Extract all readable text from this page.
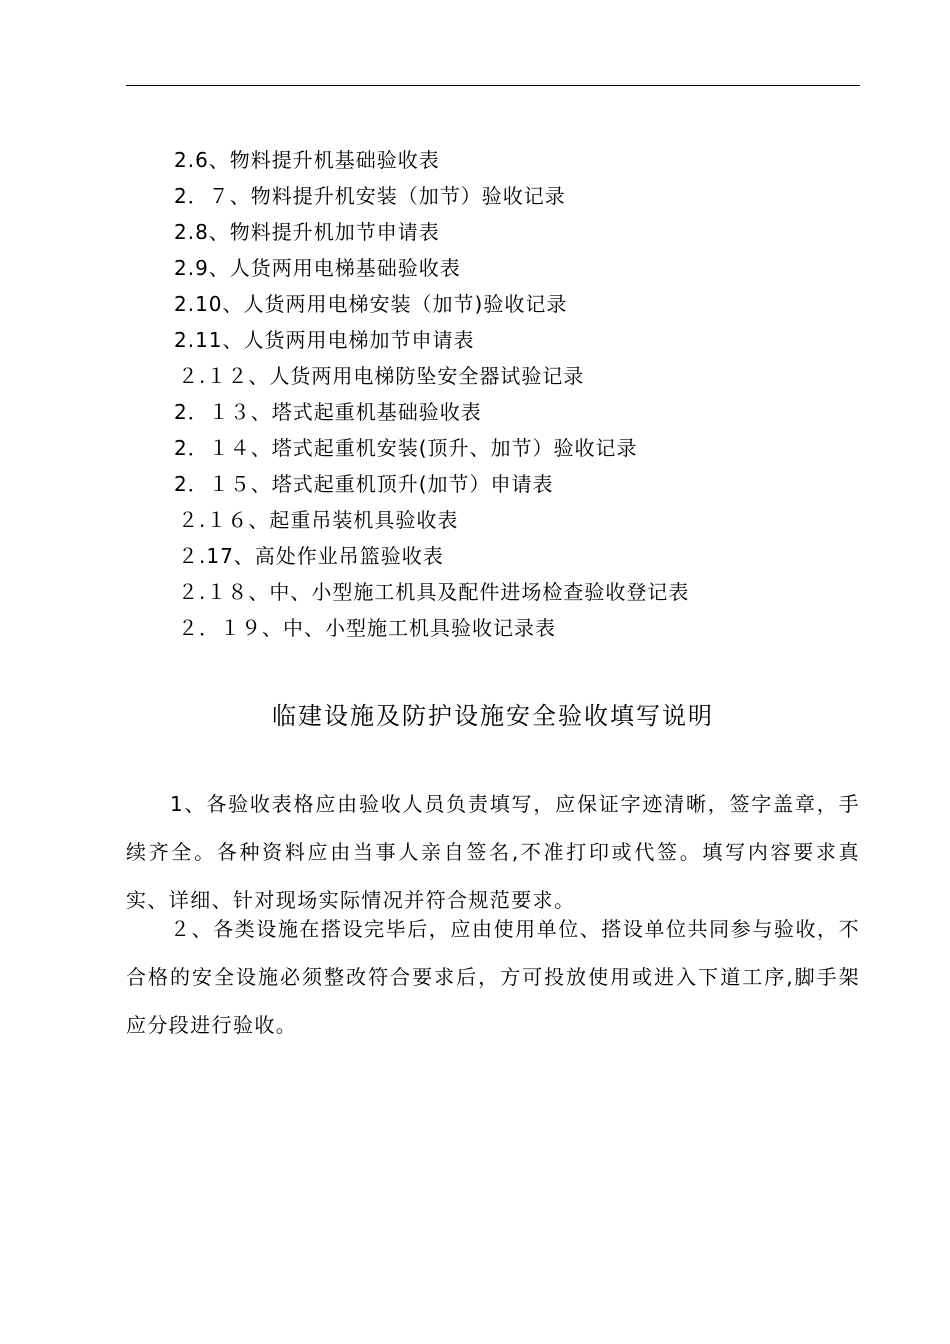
2.6、物料提升机基础验收表
2．７、物料提升机安装（加节）验收记录
2.8、物料提升机加节申请表
2.9、人货两用电梯基础验收表
2.10、人货两用电梯安装（加节)验收记录
2.11、人货两用电梯加节申请表
２.１２、人货两用电梯防坠安全器试验记录
2．１３、塔式起重机基础验收表
2．１４、塔式起重机安装(顶升、加节）验收记录
2．１５、塔式起重机顶升(加节）申请表
２.１６、起重吊装机具验收表
２.17、高处作业吊篮验收表
２.１８、中、小型施工机具及配件进场检查验收登记表
２．１９、中、小型施工机具验收记录表
临建设施及防护设施安全验收填写说明

1、各验收表格应由验收人员负责填写，应保证字迹清晰，签字盖章，手续齐全。各种资料应由当事人亲自签名,不准打印或代签。填写内容要求真实、详细、针对现场实际情况并符合规范要求。

２、各类设施在搭设完毕后，应由使用单位、搭设单位共同参与验收，不合格的安全设施必须整改符合要求后，方可投放使用或进入下道工序,脚手架应分段进行验收。
